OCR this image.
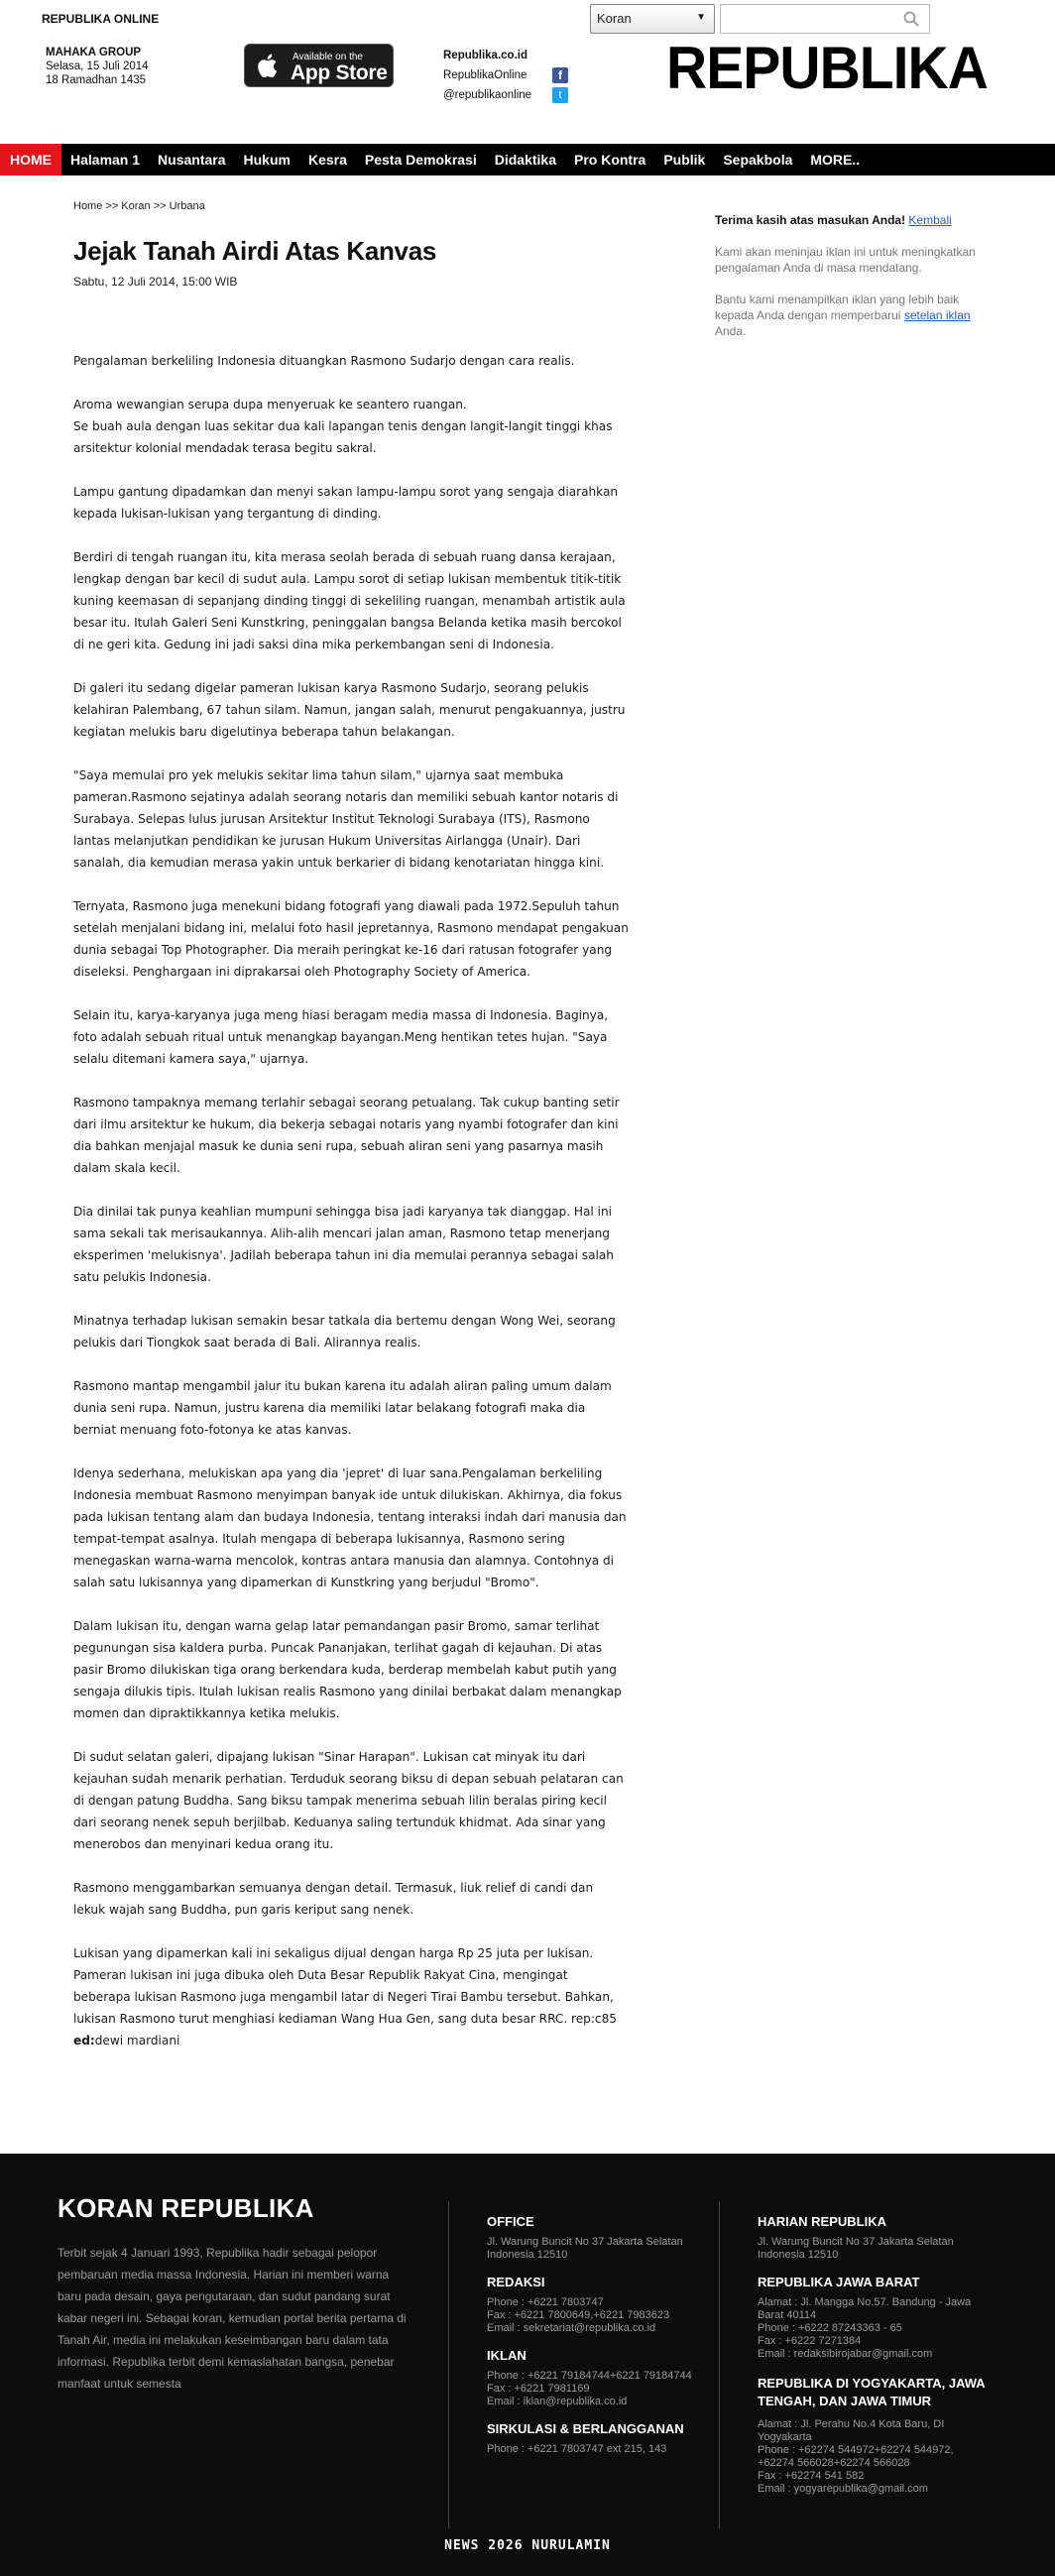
REPUBLIKA ONLINE	Koran	▼
MAHAKA GROUP
Selasa, 15 Juli 2014
18 Ramadhan 1435
Available on the
App Store
Republika.co.id
RepublikaOnline	f
@republikaonline	t REPUBLIKA
HOME	Halaman 1	Nusantara	Hukum	Kesra	Pesta Demokrasi	Didaktika	Pro Kontra	Publik	Sepakbola	MORE..
Home >> Koran >> Urbana
Jejak Tanah Airdi Atas Kanvas
Sabtu, 12 Juli 2014, 15:00 WIB

Pengalaman berkeliling Indonesia dituangkan Rasmono Sudarjo dengan cara realis.

Aroma wewangian serupa dupa menyeruak ke seantero ruangan.

Se buah aula dengan luas sekitar dua kali lapangan tenis dengan langit-langit tinggi khas arsitektur kolonial mendadak terasa begitu sakral.

Lampu gantung dipadamkan dan menyi sakan lampu-lampu sorot yang sengaja diarahkan kepada lukisan-lukisan yang tergantung di dinding.

Berdiri di tengah ruangan itu, kita merasa seolah berada di sebuah ruang dansa kerajaan, lengkap dengan bar kecil di sudut aula. Lampu sorot di setiap lukisan membentuk titik-titik kuning keemasan di sepanjang dinding tinggi di sekeliling ruangan, menambah artistik aula besar itu. Itulah Galeri Seni Kunstkring, peninggalan bangsa Belanda ketika masih bercokol di ne geri kita. Gedung ini jadi saksi dina mika perkembangan seni di Indonesia.

Di galeri itu sedang digelar pameran lukisan karya Rasmono Sudarjo, seorang pelukis kelahiran Palembang, 67 tahun silam. Namun, jangan salah, menurut pengakuannya, justru kegiatan melukis baru digelutinya beberapa tahun belakangan.

"Saya memulai pro yek melukis sekitar lima tahun silam," ujarnya saat membuka pameran.Rasmono sejatinya adalah seorang notaris dan memiliki sebuah kantor notaris di Surabaya. Selepas lulus jurusan Arsitektur Institut Teknologi Surabaya (ITS), Rasmono lantas melanjutkan pendidikan ke jurusan Hukum Universitas Airlangga (Unair). Dari sanalah, dia kemudian merasa yakin untuk berkarier di bidang kenotariatan hingga kini.

Ternyata, Rasmono juga menekuni bidang fotografi yang diawali pada 1972.Sepuluh tahun setelah menjalani bidang ini, melalui foto hasil jepretannya, Rasmono mendapat pengakuan dunia sebagai Top Photographer. Dia meraih peringkat ke-16 dari ratusan fotografer yang diseleksi. Penghargaan ini diprakarsai oleh Photography Society of America.

Selain itu, karya-karyanya juga meng hiasi beragam media massa di Indonesia. Baginya, foto adalah sebuah ritual untuk menangkap bayangan.Meng hentikan tetes hujan. "Saya selalu ditemani kamera saya," ujarnya.

Rasmono tampaknya memang terlahir sebagai seorang petualang. Tak cukup banting setir dari ilmu arsitektur ke hukum, dia bekerja sebagai notaris yang nyambi fotografer dan kini dia bahkan menjajal masuk ke dunia seni rupa, sebuah aliran seni yang pasarnya masih dalam skala kecil.

Dia dinilai tak punya keahlian mumpuni sehingga bisa jadi karyanya tak dianggap. Hal ini sama sekali tak merisaukannya. Alih-alih mencari jalan aman, Rasmono tetap menerjang eksperimen 'melukisnya'. Jadilah beberapa tahun ini dia memulai perannya sebagai salah satu pelukis Indonesia.

Minatnya terhadap lukisan semakin besar tatkala dia bertemu dengan Wong Wei, seorang pelukis dari Tiongkok saat berada di Bali. Alirannya realis.

Rasmono mantap mengambil jalur itu bukan karena itu adalah aliran paling umum dalam dunia seni rupa. Namun, justru karena dia memiliki latar belakang fotografi maka dia berniat menuang foto-fotonya ke atas kanvas.

Idenya sederhana, melukiskan apa yang dia 'jepret' di luar sana.Pengalaman berkeliling Indonesia membuat Rasmono menyimpan banyak ide untuk dilukiskan. Akhirnya, dia fokus pada lukisan tentang alam dan budaya Indonesia, tentang interaksi indah dari manusia dan tempat-tempat asalnya. Itulah mengapa di beberapa lukisannya, Rasmono sering menegaskan warna-warna mencolok, kontras antara manusia dan alamnya. Contohnya di salah satu lukisannya yang dipamerkan di Kunstkring yang berjudul "Bromo".

Dalam lukisan itu, dengan warna gelap latar pemandangan pasir Bromo, samar terlihat pegunungan sisa kaldera purba. Puncak Pananjakan, terlihat gagah di kejauhan. Di atas pasir Bromo dilukiskan tiga orang berkendara kuda, berderap membelah kabut putih yang sengaja dilukis tipis. Itulah lukisan realis Rasmono yang dinilai berbakat dalam menangkap momen dan dipraktikkannya ketika melukis.

Di sudut selatan galeri, dipajang lukisan "Sinar Harapan". Lukisan cat minyak itu dari kejauhan sudah menarik perhatian. Terduduk seorang biksu di depan sebuah pelataran can di dengan patung Buddha. Sang biksu tampak menerima sebuah lilin beralas piring kecil dari seorang nenek sepuh berjilbab. Keduanya saling tertunduk khidmat. Ada sinar yang menerobos dan menyinari kedua orang itu.

Rasmono menggambarkan semuanya dengan detail. Termasuk, liuk relief di candi dan lekuk wajah sang Buddha, pun garis keriput sang nenek.

Lukisan yang dipamerkan kali ini sekaligus dijual dengan harga Rp 25 juta per lukisan. Pameran lukisan ini juga dibuka oleh Duta Besar Republik Rakyat Cina, mengingat beberapa lukisan Rasmono juga mengambil latar di Negeri Tirai Bambu tersebut. Bahkan, lukisan Rasmono turut menghiasi kediaman Wang Hua Gen, sang duta besar RRC. rep:c85 ed:dewi mardiani

Terima kasih atas masukan Anda! Kembali
Kami akan meninjau iklan ini untuk meningkatkan pengalaman Anda di masa mendatang.
Bantu kami menampilkan iklan yang lebih baik kepada Anda dengan memperbarui setelan iklan Anda.
KORAN REPUBLIKA
Terbit sejak 4 Januari 1993, Republika hadir sebagai pelopor pembaruan media massa Indonesia. Harian ini memberi warna baru pada desain, gaya pengutaraan, dan sudut pandang surat kabar negeri ini. Sebagai koran, kemudian portal berita pertama di Tanah Air, media ini melakukan keseimbangan baru dalam tata informasi. Republika terbit demi kemaslahatan bangsa, penebar manfaat untuk semesta
OFFICE
Jl. Warung Buncit No 37 Jakarta Selatan
Indonesia 12510
REDAKSI
Phone : +6221 7803747
Fax : +6221 7800649,+6221 7983623
Email : sekretariat@republika.co.id
IKLAN
Phone : +6221 79184744+6221 79184744
Fax : +6221 7981169
Email : iklan@republika.co.id
SIRKULASI & BERLANGGANAN
Phone : +6221 7803747 ext 215, 143
HARIAN REPUBLIKA
Jl. Warung Buncit No 37 Jakarta Selatan
Indonesia 12510
REPUBLIKA JAWA BARAT
Alamat : Jl. Mangga No.57. Bandung - Jawa Barat 40114
Phone : +6222 87243363 - 65
Fax : +6222 7271384
Email : redaksibirojabar@gmail.com
REPUBLIKA DI YOGYAKARTA, JAWA TENGAH, DAN JAWA TIMUR
Alamat : Jl. Perahu No.4 Kota Baru, DI Yogyakarta
Phone : +62274 544972+62274 544972, +62274 566028+62274 566028
Fax : +62274 541 582
Email : yogyarepublika@gmail.com
NEWS 2026 NURULAMIN
